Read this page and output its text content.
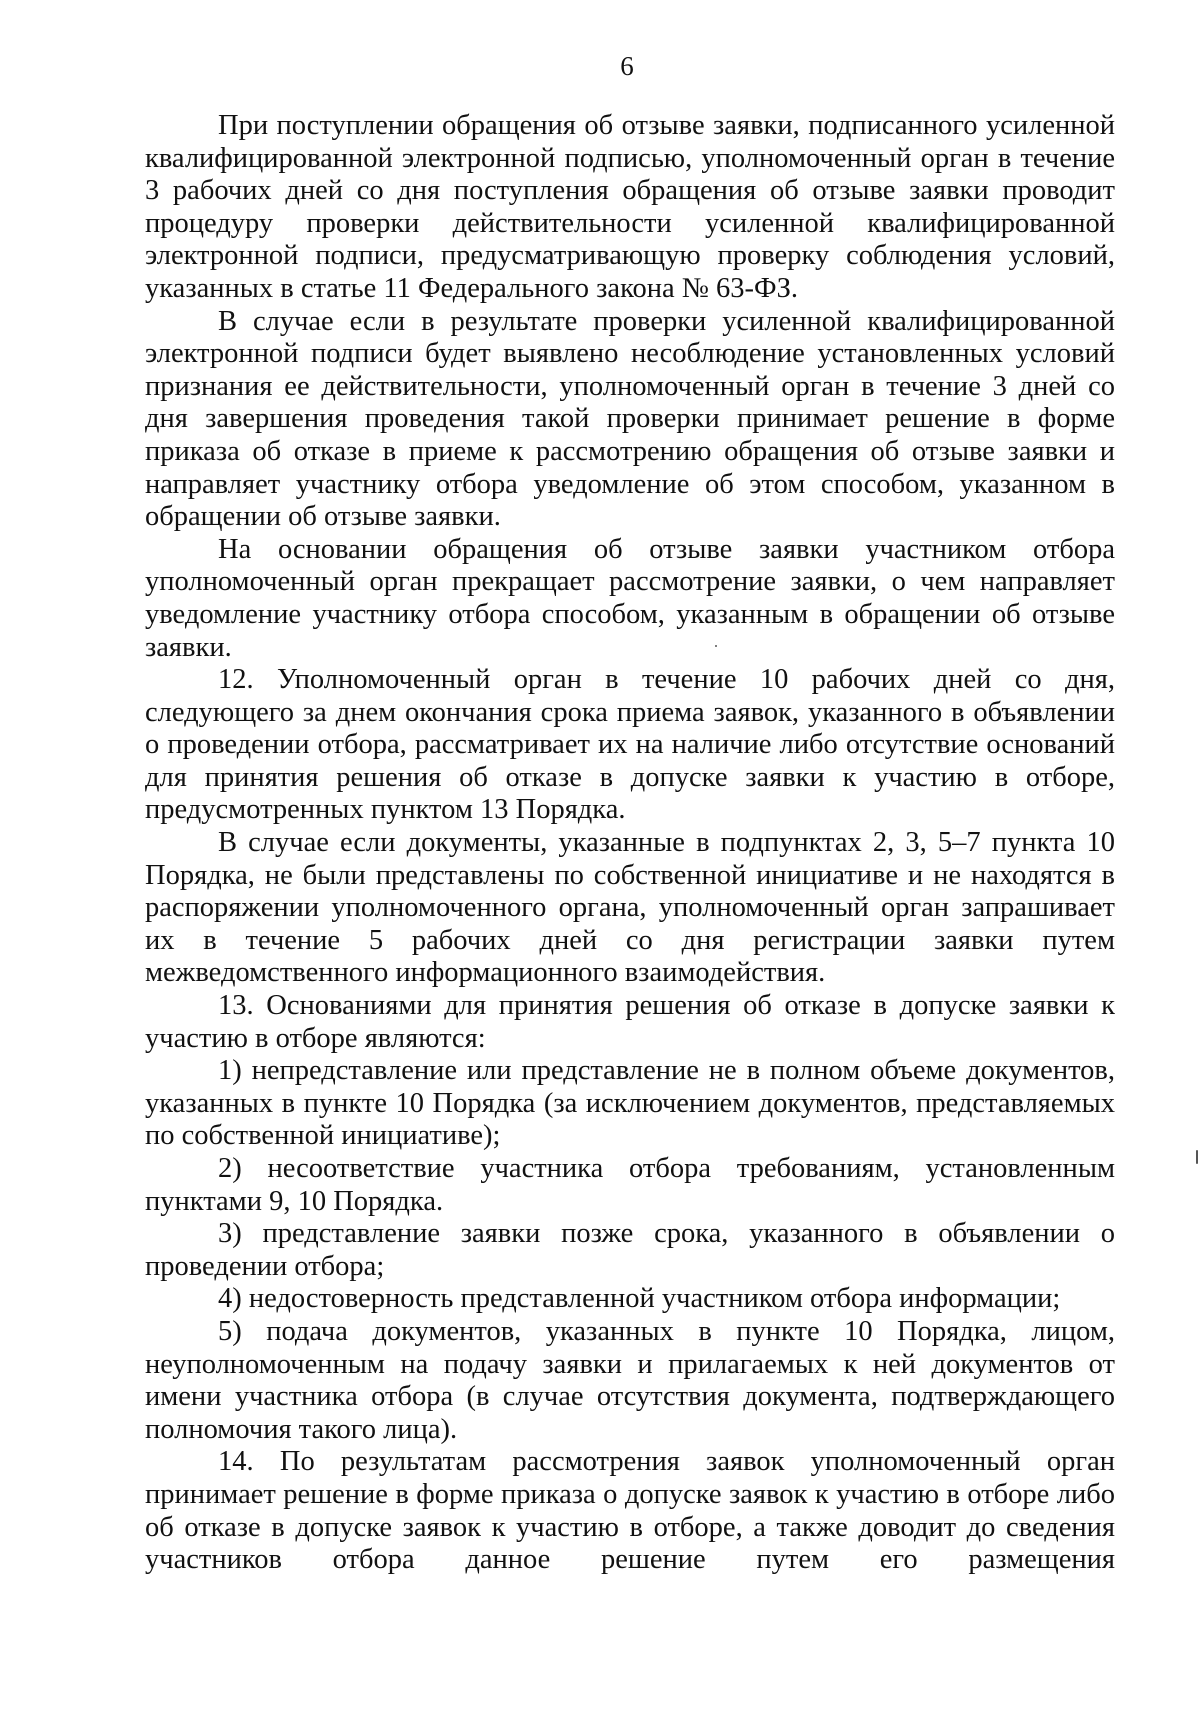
6

При поступлении обращения об отзыве заявки, подписанного усиленной квалифицированной электронной подписью, уполномоченный орган в течение 3 рабочих дней со дня поступления обращения об отзыве заявки проводит процедуру проверки действительности усиленной квалифицированной электронной подписи, предусматривающую проверку соблюдения условий, указанных в статье 11 Федерального закона № 63-ФЗ.

В случае если в результате проверки усиленной квалифицированной электронной подписи будет выявлено несоблюдение установленных условий признания ее действительности, уполномоченный орган в течение 3 дней со дня завершения проведения такой проверки принимает решение в форме приказа об отказе в приеме к рассмотрению обращения об отзыве заявки и направляет участнику отбора уведомление об этом способом, указанном в обращении об отзыве заявки.

На основании обращения об отзыве заявки участником отбора уполномоченный орган прекращает рассмотрение заявки, о чем направляет уведомление участнику отбора способом, указанным в обращении об отзыве заявки.

12. Уполномоченный орган в течение 10 рабочих дней со дня, следующего за днем окончания срока приема заявок, указанного в объявлении о проведении отбора, рассматривает их на наличие либо отсутствие оснований для принятия решения об отказе в допуске заявки к участию в отборе, предусмотренных пунктом 13 Порядка.

В случае если документы, указанные в подпунктах 2, 3, 5–7 пункта 10 Порядка, не были представлены по собственной инициативе и не находятся в распоряжении уполномоченного органа, уполномоченный орган запрашивает их в течение 5 рабочих дней со дня регистрации заявки путем межведомственного информационного взаимодействия.

13. Основаниями для принятия решения об отказе в допуске заявки к участию в отборе являются:

1) непредставление или представление не в полном объеме документов, указанных в пункте 10 Порядка (за исключением документов, представляемых по собственной инициативе);

2) несоответствие участника отбора требованиям, установленным пунктами 9, 10 Порядка.

3) представление заявки позже срока, указанного в объявлении о проведении отбора;

4) недостоверность представленной участником отбора информации;

5) подача документов, указанных в пункте 10 Порядка, лицом, неуполномоченным на подачу заявки и прилагаемых к ней документов от имени участника отбора (в случае отсутствия документа, подтверждающего полномочия такого лица).

14. По результатам рассмотрения заявок уполномоченный орган принимает решение в форме приказа о допуске заявок к участию в отборе либо об отказе в допуске заявок к участию в отборе, а также доводит до сведения участников отбора данное решение путем его размещения
